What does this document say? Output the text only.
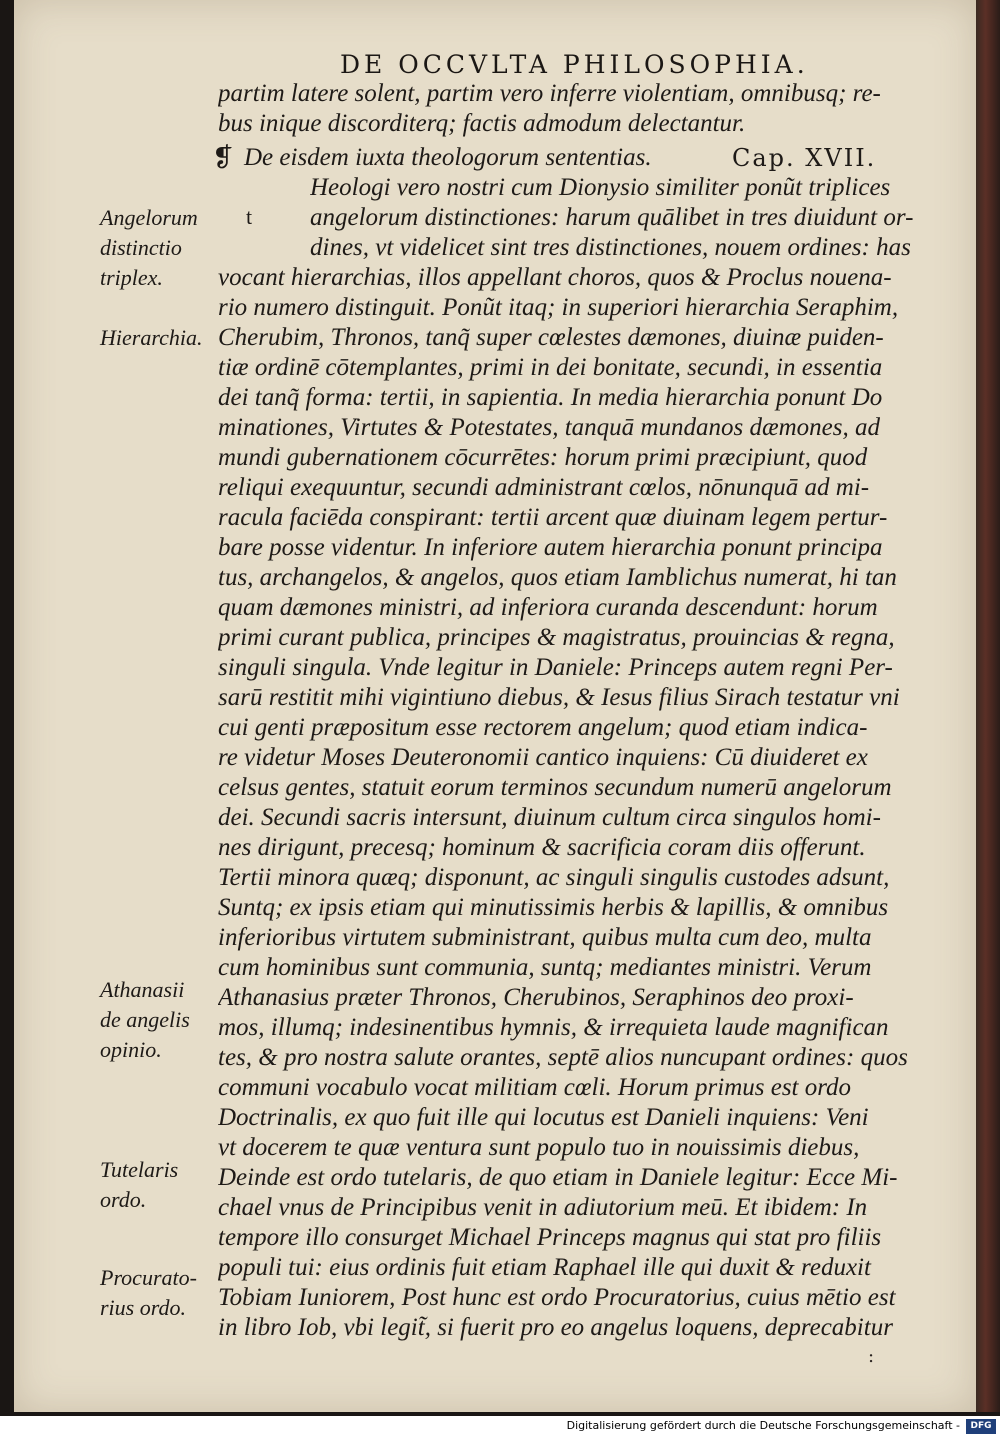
DE OCCVLTA PHILOSOPHIA.
partim latere solent, partim vero inferre violentiam, omnibusq; re-
bus inique discorditerq; factis admodum delectantur.
❡ De eisdem iuxta theologorum sententias.	Cap. XVII.
Heologi vero nostri cum Dionysio similiter ponũt triplices
t	angelorum distinctiones: harum quālibet in tres diuidunt or-
dines, vt videlicet sint tres distinctiones, nouem ordines: has
vocant hierarchias, illos appellant choros, quos & Proclus nouena-
rio numero distinguit. Ponũt itaq; in superiori hierarchia Seraphim,
Cherubim, Thronos, tanq̃ super cœlestes dæmones, diuinæ puiden-
tiæ ordinē cōtemplantes, primi in dei bonitate, secundi, in essentia
dei tanq̃ forma: tertii, in sapientia. In media hierarchia ponunt Do
minationes, Virtutes & Potestates, tanquā mundanos dæmones, ad
mundi gubernationem cōcurrētes: horum primi præcipiunt, quod
reliqui exequuntur, secundi administrant cœlos, nōnunquā ad mi-
racula faciēda conspirant: tertii arcent quæ diuinam legem pertur-
bare posse videntur. In inferiore autem hierarchia ponunt principa
tus, archangelos, & angelos, quos etiam Iamblichus numerat, hi tan
quam dæmones ministri, ad inferiora curanda descendunt: horum
primi curant publica, principes & magistratus, prouincias & regna,
singuli singula. Vnde legitur in Daniele: Princeps autem regni Per-
sarū restitit mihi vigintiuno diebus, & Iesus filius Sirach testatur vni
cui genti præpositum esse rectorem angelum; quod etiam indica-
re videtur Moses Deuteronomii cantico inquiens: Cū diuideret ex
celsus gentes, statuit eorum terminos secundum numerū angelorum
dei. Secundi sacris intersunt, diuinum cultum circa singulos homi-
nes dirigunt, precesq; hominum & sacrificia coram diis offerunt.
Tertii minora quæq; disponunt, ac singuli singulis custodes adsunt,
Suntq; ex ipsis etiam qui minutissimis herbis & lapillis, & omnibus
inferioribus virtutem subministrant, quibus multa cum deo, multa
cum hominibus sunt communia, suntq; mediantes ministri. Verum
Athanasius præter Thronos, Cherubinos, Seraphinos deo proxi-
mos, illumq; indesinentibus hymnis, & irrequieta laude magnifican
tes, & pro nostra salute orantes, septē alios nuncupant ordines: quos
communi vocabulo vocat militiam cœli. Horum primus est ordo
Doctrinalis, ex quo fuit ille qui locutus est Danieli inquiens: Veni
vt docerem te quæ ventura sunt populo tuo in nouissimis diebus,
Deinde est ordo tutelaris, de quo etiam in Daniele legitur: Ecce Mi-
chael vnus de Principibus venit in adiutorium meū. Et ibidem: In
tempore illo consurget Michael Princeps magnus qui stat pro filiis
populi tui: eius ordinis fuit etiam Raphael ille qui duxit & reduxit
Tobiam Iuniorem, Post hunc est ordo Procuratorius, cuius mētio est
in libro Iob, vbi legit̃, si fuerit pro eo angelus loquens, deprecabitur
Angelorum
distinctio
triplex.
Hierarchia.
Athanasii
de angelis
opinio.
Tutelaris
ordo.
Procurato-
rius ordo.
:
Digitalisierung gefördert durch die Deutsche Forschungsgemeinschaft -	DFG
